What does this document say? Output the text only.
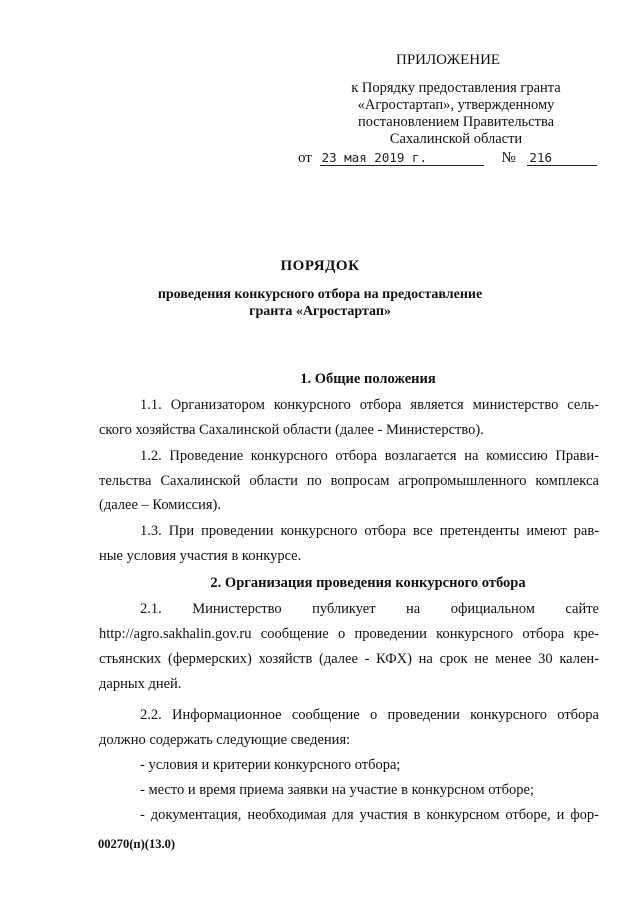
ПРИЛОЖЕНИЕ
к Порядку предоставления гранта
«Агростартап», утвержденному
постановлением Правительства
Сахалинской области
от 23 мая 2019 г.	№ 216
ПОРЯДОК
проведения конкурсного отбора на предоставление
гранта «Агростартап»
1. Общие положения
1.1. Организатором конкурсного отбора является министерство сель-
ского хозяйства Сахалинской области (далее - Министерство).
1.2. Проведение конкурсного отбора возлагается на комиссию Прави-
тельства Сахалинской области по вопросам агропромышленного комплекса
(далее – Комиссия).
1.3. При проведении конкурсного отбора все претенденты имеют рав-
ные условия участия в конкурсе.
2. Организация проведения конкурсного отбора
2.1. Министерство публикует на официальном сайте
http://agro.sakhalin.gov.ru сообщение о проведении конкурсного отбора кре-
стьянских (фермерских) хозяйств (далее - КФХ) на срок не менее 30 кален-
дарных дней.
2.2. Информационное сообщение о проведении конкурсного отбора
должно содержать следующие сведения:
- условия и критерии конкурсного отбора;
- место и время приема заявки на участие в конкурсном отборе;
- документация, необходимая для участия в конкурсном отборе, и фор-
00270(п)(13.0)
